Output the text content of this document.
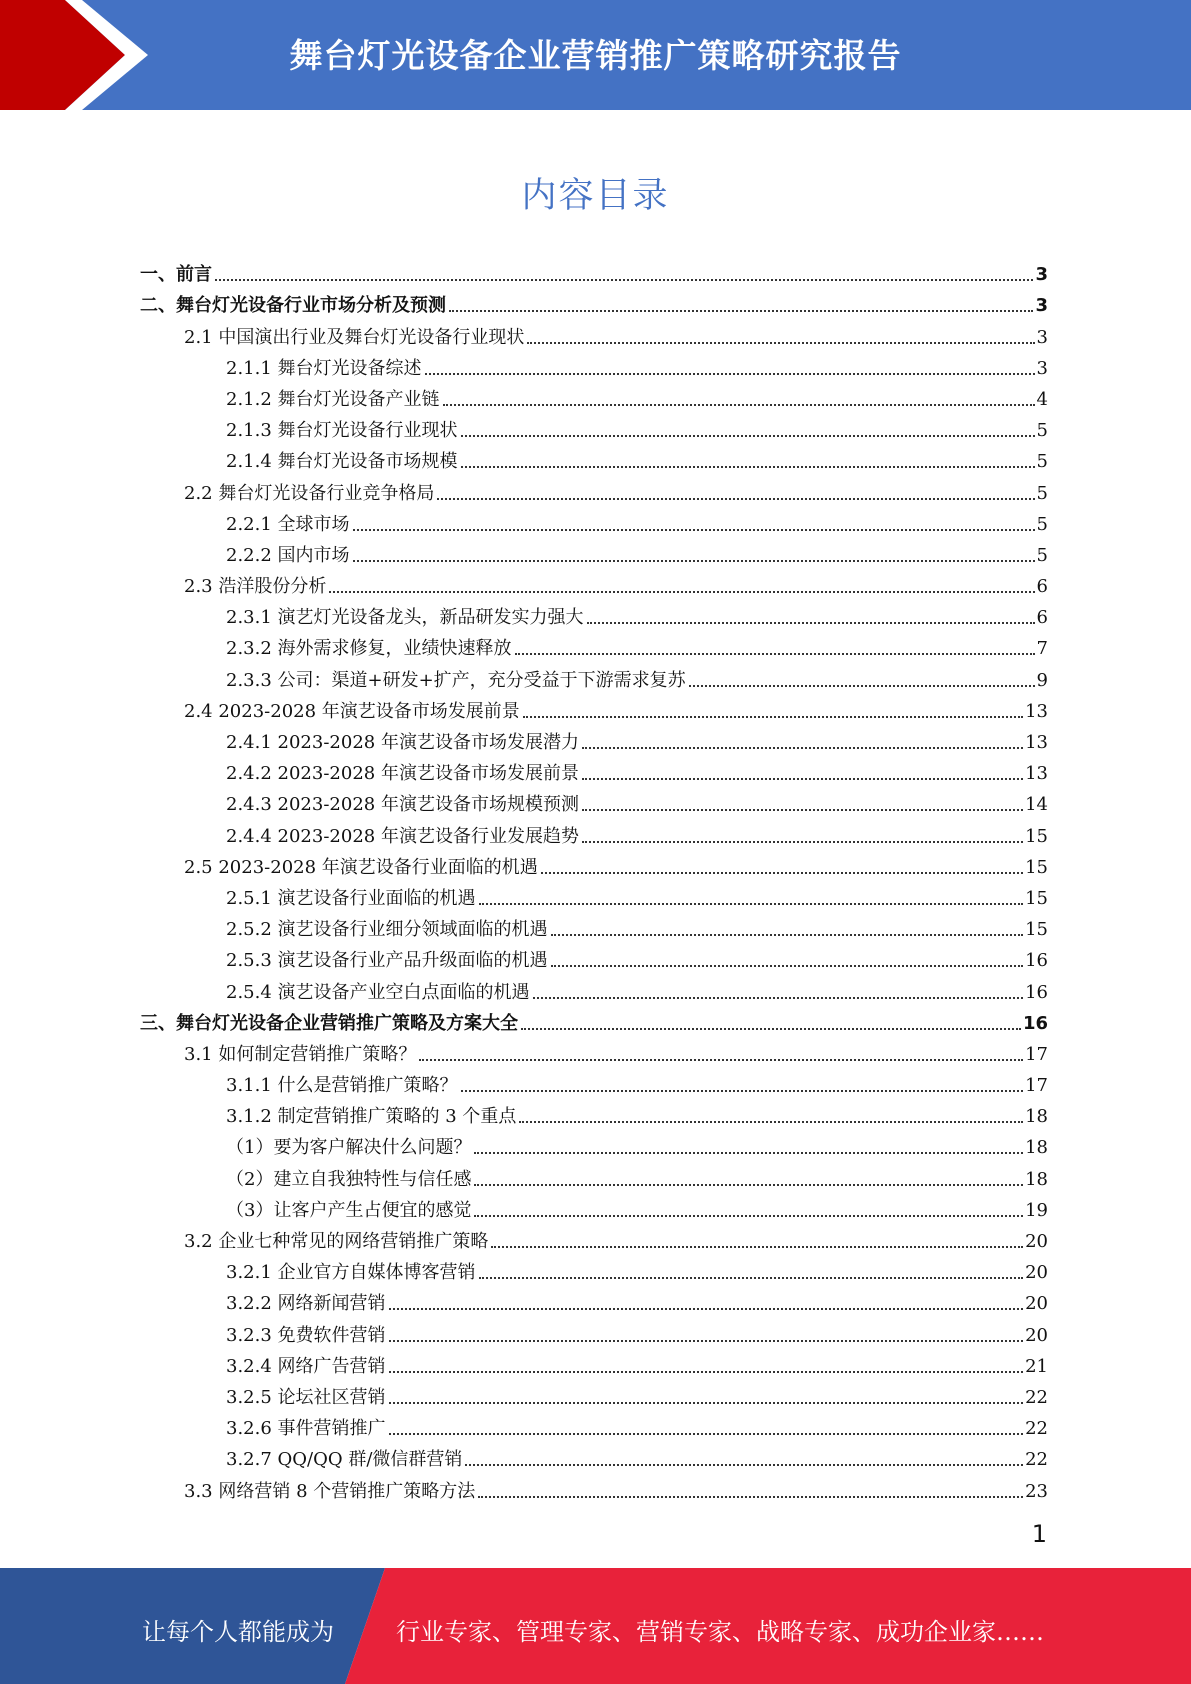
舞台灯光设备企业营销推广策略研究报告
内容目录
一、前言	3
二、舞台灯光设备行业市场分析及预测	3
2.1 中国演出行业及舞台灯光设备行业现状	3
2.1.1 舞台灯光设备综述	3
2.1.2 舞台灯光设备产业链	4
2.1.3 舞台灯光设备行业现状	5
2.1.4 舞台灯光设备市场规模	5
2.2 舞台灯光设备行业竞争格局	5
2.2.1 全球市场	5
2.2.2 国内市场	5
2.3 浩洋股份分析	6
2.3.1 演艺灯光设备龙头，新品研发实力强大	6
2.3.2 海外需求修复，业绩快速释放	7
2.3.3 公司：渠道+研发+扩产，充分受益于下游需求复苏	9
2.4 2023-2028 年演艺设备市场发展前景	13
2.4.1 2023-2028 年演艺设备市场发展潜力	13
2.4.2 2023-2028 年演艺设备市场发展前景	13
2.4.3 2023-2028 年演艺设备市场规模预测	14
2.4.4 2023-2028 年演艺设备行业发展趋势	15
2.5 2023-2028 年演艺设备行业面临的机遇	15
2.5.1 演艺设备行业面临的机遇	15
2.5.2 演艺设备行业细分领域面临的机遇	15
2.5.3 演艺设备行业产品升级面临的机遇	16
2.5.4 演艺设备产业空白点面临的机遇	16
三、舞台灯光设备企业营销推广策略及方案大全	16
3.1 如何制定营销推广策略？	17
3.1.1 什么是营销推广策略？	17
3.1.2 制定营销推广策略的 3 个重点	18
（1）要为客户解决什么问题？	18
（2）建立自我独特性与信任感	18
（3）让客户产生占便宜的感觉	19
3.2 企业七种常见的网络营销推广策略	20
3.2.1 企业官方自媒体博客营销	20
3.2.2 网络新闻营销	20
3.2.3 免费软件营销	20
3.2.4 网络广告营销	21
3.2.5 论坛社区营销	22
3.2.6 事件营销推广	22
3.2.7 QQ/QQ 群/微信群营销	22
3.3 网络营销 8 个营销推广策略方法	23
1
让每个人都能成为	行业专家、管理专家、营销专家、战略专家、成功企业家……
